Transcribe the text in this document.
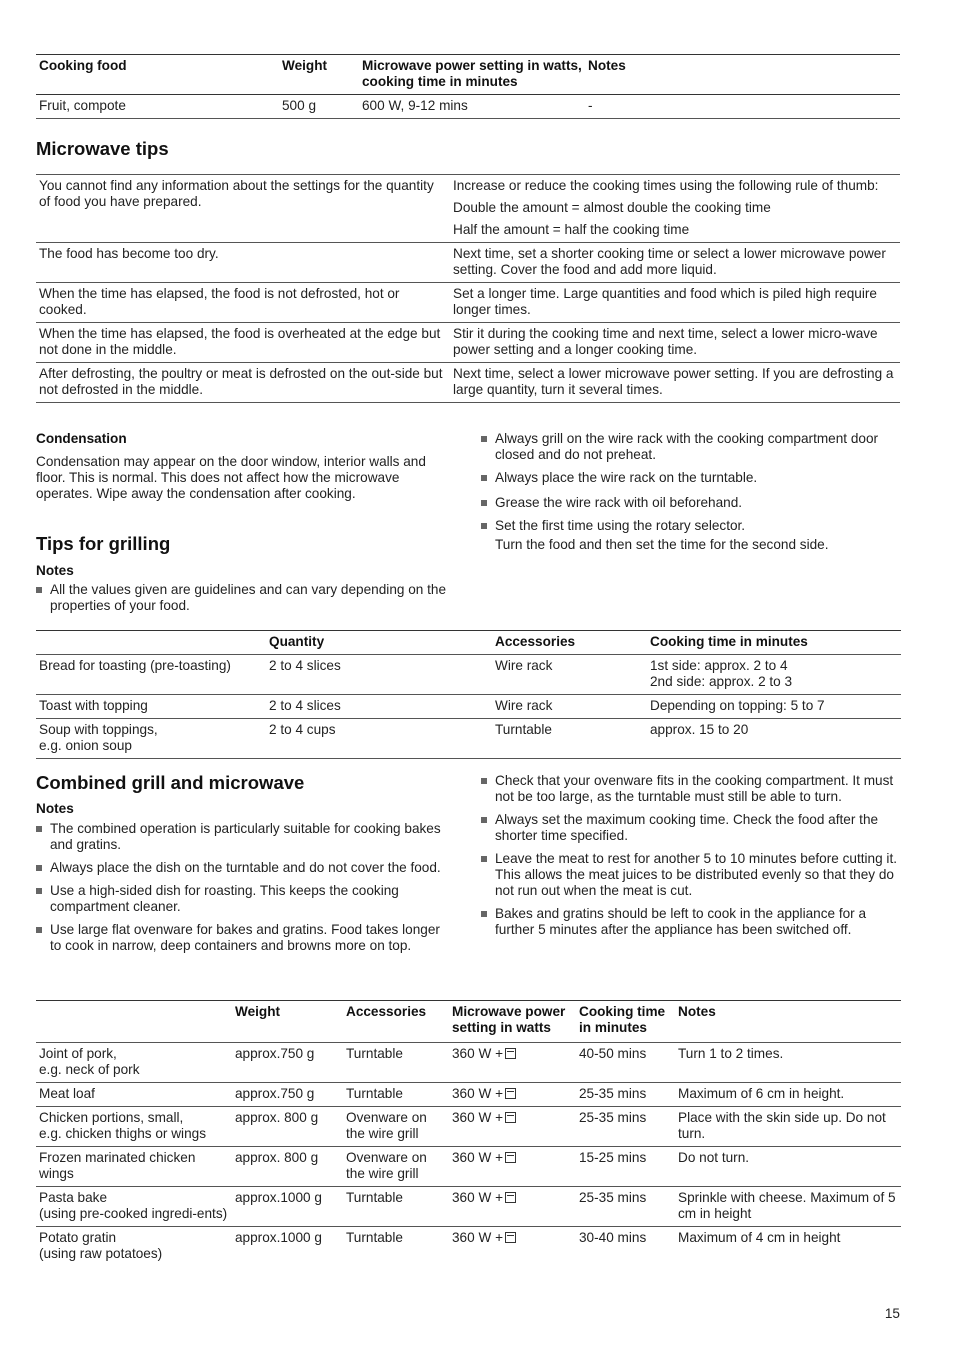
Cooking food	Weight	Microwave power setting in watts, cooking time in minutes	Notes
Fruit, compote	500 g	600 W, 9-12 mins	-
Microwave tips
You cannot find any information about the settings for the quantity of food you have prepared.	Increase or reduce the cooking times using the following rule of thumb:

Double the amount = almost double the cooking time

Half the amount = half the cooking time

The food has become too dry.	Next time, set a shorter cooking time or select a lower microwave power setting. Cover the food and add more liquid.
When the time has elapsed, the food is not defrosted, hot or cooked.	Set a longer time. Large quantities and food which is piled high require longer times.
When the time has elapsed, the food is overheated at the edge but not done in the middle.	Stir it during the cooking time and next time, select a lower micro-wave power setting and a longer cooking time.
After defrosting, the poultry or meat is defrosted on the out-side but not defrosted in the middle.	Next time, select a lower microwave power setting. If you are defrosting a large quantity, turn it several times.
Condensation

Condensation may appear on the door window, interior walls and floor. This is normal. This does not affect how the microwave operates. Wipe away the condensation after cooking.

Tips for grilling
Notes
All the values given are guidelines and can vary depending on the properties of your food.
Always grill on the wire rack with the cooking compartment door closed and do not preheat.
Always place the wire rack on the turntable.
Grease the wire rack with oil beforehand.
Set the first time using the rotary selector.
Turn the food and then set the time for the second side.
	Quantity	Accessories	Cooking time in minutes
Bread for toasting (pre-toasting)	2 to 4 slices	Wire rack	1st side: approx. 2 to 4
2nd side: approx. 2 to 3
Toast with topping	2 to 4 slices	Wire rack	Depending on topping: 5 to 7
Soup with toppings,
e.g. onion soup	2 to 4 cups	Turntable	approx. 15 to 20
Combined grill and microwave
Notes
The combined operation is particularly suitable for cooking bakes and gratins.
Always place the dish on the turntable and do not cover the food.
Use a high-sided dish for roasting. This keeps the cooking compartment cleaner.
Use large flat ovenware for bakes and gratins. Food takes longer to cook in narrow, deep containers and browns more on top.
Check that your ovenware fits in the cooking compartment. It must not be too large, as the turntable must still be able to turn.
Always set the maximum cooking time. Check the food after the shorter time specified.
Leave the meat to rest for another 5 to 10 minutes before cutting it. This allows the meat juices to be distributed evenly so that they do not run out when the meat is cut.
Bakes and gratins should be left to cook in the appliance for a further 5 minutes after the appliance has been switched off.
	Weight	Accessories	Microwave power setting in watts	Cooking time in minutes	Notes
Joint of pork,
e.g. neck of pork	approx.750 g	Turntable	360 W +	40-50 mins	Turn 1 to 2 times.
Meat loaf	approx.750 g	Turntable	360 W +	25-35 mins	Maximum of 6 cm in height.
Chicken portions, small,
e.g. chicken thighs or wings	approx. 800 g	Ovenware on the wire grill	360 W +	25-35 mins	Place with the skin side up. Do not turn.
Frozen marinated chicken wings	approx. 800 g	Ovenware on the wire grill	360 W +	15-25 mins	Do not turn.
Pasta bake
(using pre-cooked ingredi-ents)	approx.1000 g	Turntable	360 W +	25-35 mins	Sprinkle with cheese. Maximum of 5 cm in height
Potato gratin
(using raw potatoes)	approx.1000 g	Turntable	360 W +	30-40 mins	Maximum of 4 cm in height
15
